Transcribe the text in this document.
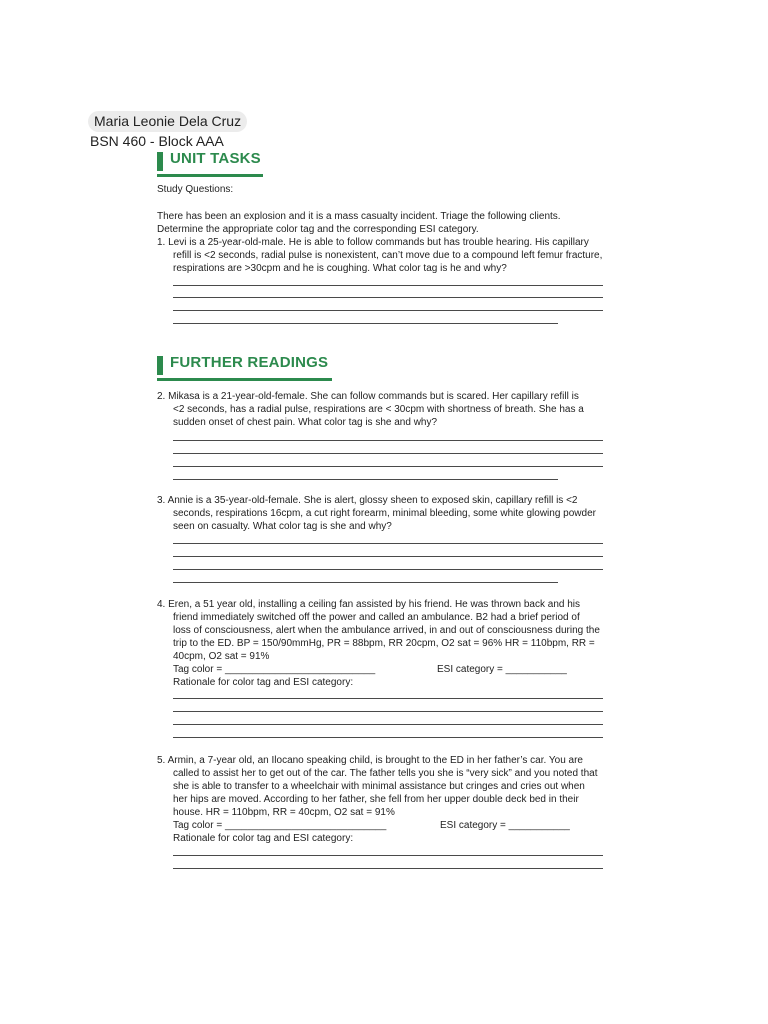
Maria Leonie Dela Cruz
BSN 460 - Block AAA
UNIT TASKS
Study Questions:
There has been an explosion and it is a mass casualty incident. Triage the following clients.
Determine the appropriate color tag and the corresponding ESI category.
1. Levi is a 25-year-old-male. He is able to follow commands but has trouble hearing. His capillary
refill is <2 seconds, radial pulse is nonexistent, can’t move due to a compound left femur fracture,
respirations are >30cpm and he is coughing. What color tag is he and why?
FURTHER READINGS
2. Mikasa is a 21-year-old-female. She can follow commands but is scared. Her capillary refill is
<2 seconds, has a radial pulse, respirations are < 30cpm with shortness of breath. She has a
sudden onset of chest pain. What color tag is she and why?
3. Annie is a 35-year-old-female. She is alert, glossy sheen to exposed skin, capillary refill is <2
seconds, respirations 16cpm, a cut right forearm, minimal bleeding, some white glowing powder
seen on casualty. What color tag is she and why?
4. Eren, a 51 year old, installing a ceiling fan assisted by his friend. He was thrown back and his
friend immediately switched off the power and called an ambulance. B2 had a brief period of
loss of consciousness, alert when the ambulance arrived, in and out of consciousness during the
trip to the ED. BP = 150/90mmHg, PR = 88bpm, RR 20cpm, O2 sat = 96% HR = 110bpm, RR =
40cpm, O2 sat = 91%
Tag color = ___________________________	ESI category = ___________
Rationale for color tag and ESI category:
5. Armin, a 7-year old, an Ilocano speaking child, is brought to the ED in her father’s car. You are
called to assist her to get out of the car. The father tells you she is “very sick” and you noted that
she is able to transfer to a wheelchair with minimal assistance but cringes and cries out when
her hips are moved. According to her father, she fell from her upper double deck bed in their
house. HR = 110bpm, RR = 40cpm, O2 sat = 91%
Tag color = _____________________________	ESI category = ___________
Rationale for color tag and ESI category:
